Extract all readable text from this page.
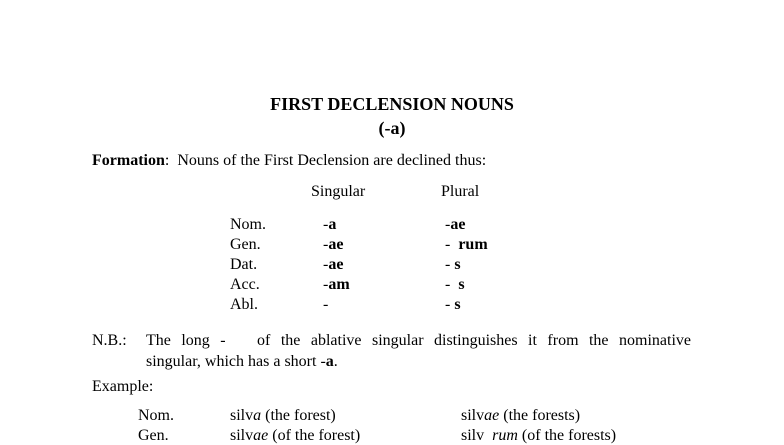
FIRST DECLENSION NOUNS
(-a)
Formation: Nouns of the First Declension are declined thus:
Singular	Plural
Nom.	-a	-ae
Gen.	-ae	-  rum
Dat.	-ae	- s
Acc.	-am	-  s
Abl.	-	- s
N.B.: The long -   of the ablative singular distinguishes it from the nominative
singular, which has a short -a.
Example:
Nom.	silva (the forest)	silvae (the forests)
Gen.	silvae (of the forest)	silv  rum (of the forests)
